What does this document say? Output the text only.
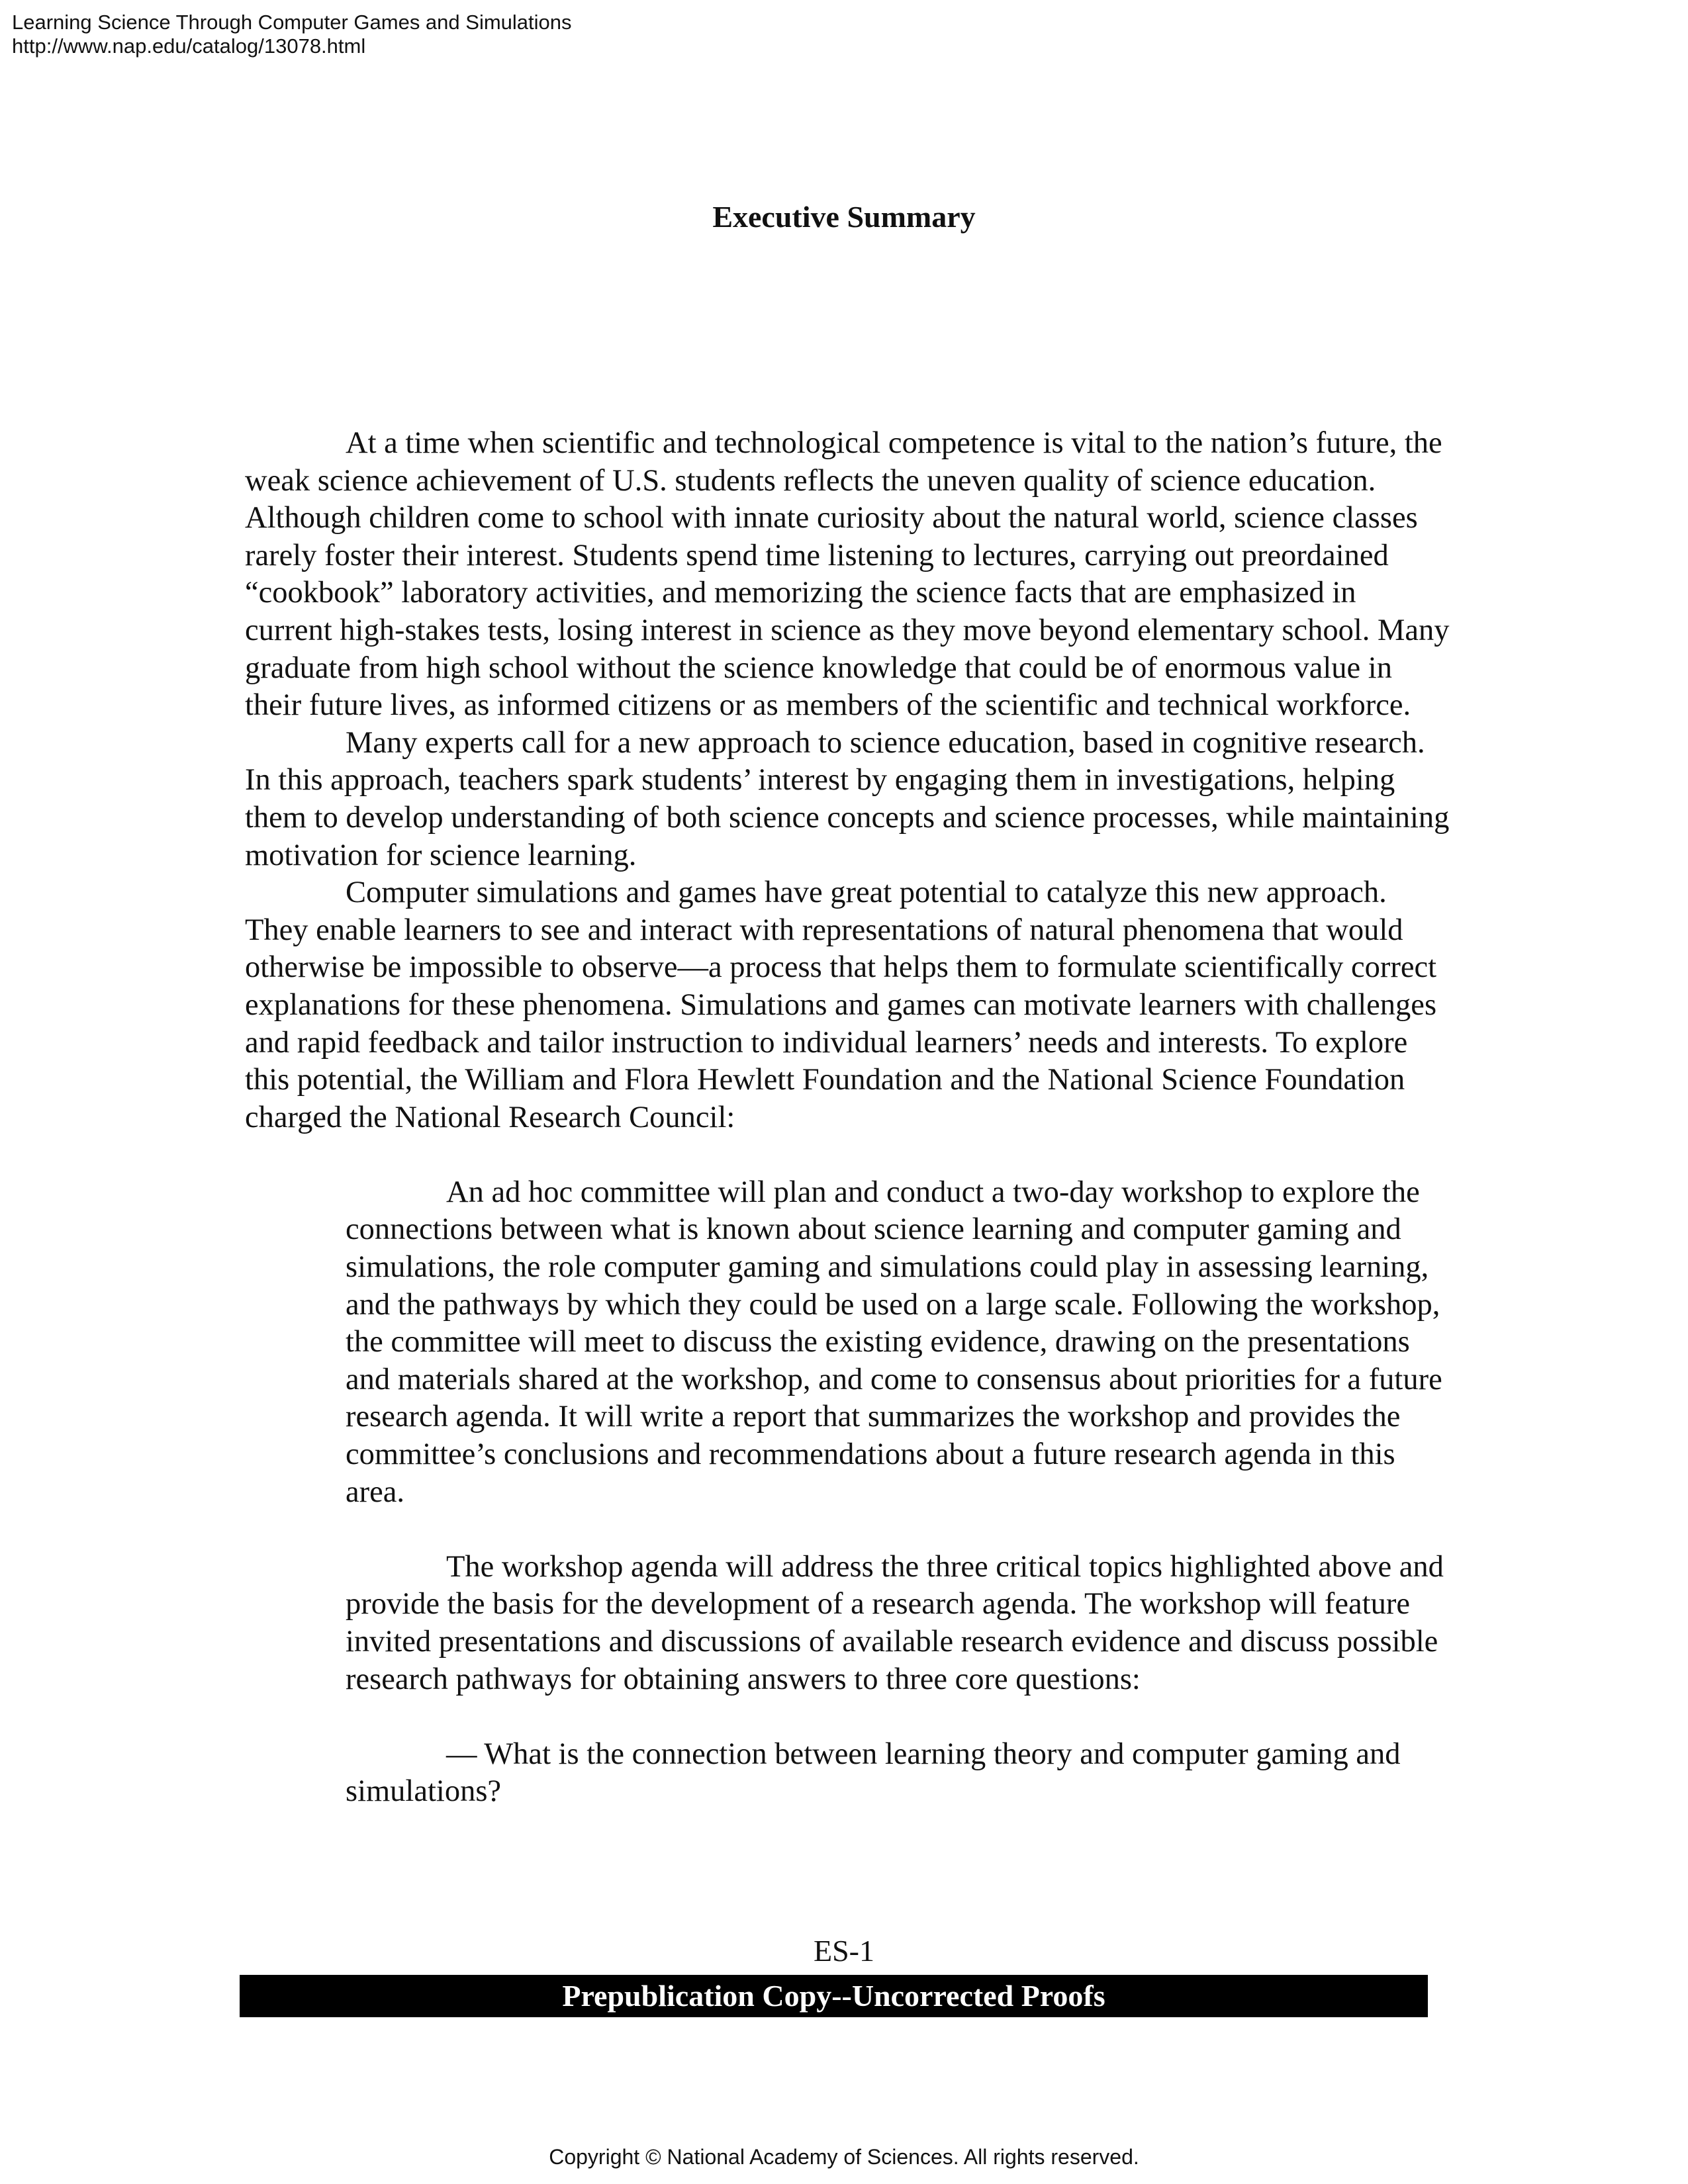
Learning Science Through Computer Games and Simulations
http://www.nap.edu/catalog/13078.html
Executive Summary

At a time when scientific and technological competence is vital to the nation’s future, the weak science achievement of U.S. students reflects the uneven quality of science education. Although children come to school with innate curiosity about the natural world, science classes rarely foster their interest. Students spend time listening to lectures, carrying out preordained “cookbook” laboratory activities, and memorizing the science facts that are emphasized in current high-stakes tests, losing interest in science as they move beyond elementary school. Many graduate from high school without the science knowledge that could be of enormous value in their future lives, as informed citizens or as members of the scientific and technical workforce.

Many experts call for a new approach to science education, based in cognitive research. In this approach, teachers spark students’ interest by engaging them in investigations, helping them to develop understanding of both science concepts and science processes, while maintaining motivation for science learning.

Computer simulations and games have great potential to catalyze this new approach. They enable learners to see and interact with representations of natural phenomena that would otherwise be impossible to observe—a process that helps them to formulate scientifically correct explanations for these phenomena. Simulations and games can motivate learners with challenges and rapid feedback and tailor instruction to individual learners’ needs and interests. To explore this potential, the William and Flora Hewlett Foundation and the National Science Foundation charged the National Research Council:

An ad hoc committee will plan and conduct a two-day workshop to explore the connections between what is known about science learning and computer gaming and simulations, the role computer gaming and simulations could play in assessing learning, and the pathways by which they could be used on a large scale. Following the workshop, the committee will meet to discuss the existing evidence, drawing on the presentations and materials shared at the workshop, and come to consensus about priorities for a future research agenda. It will write a report that summarizes the workshop and provides the committee’s conclusions and recommendations about a future research agenda in this area.

The workshop agenda will address the three critical topics highlighted above and provide the basis for the development of a research agenda. The workshop will feature invited presentations and discussions of available research evidence and discuss possible research pathways for obtaining answers to three core questions:

— What is the connection between learning theory and computer gaming and simulations?

ES-1
Prepublication Copy--Uncorrected Proofs
Copyright © National Academy of Sciences. All rights reserved.
